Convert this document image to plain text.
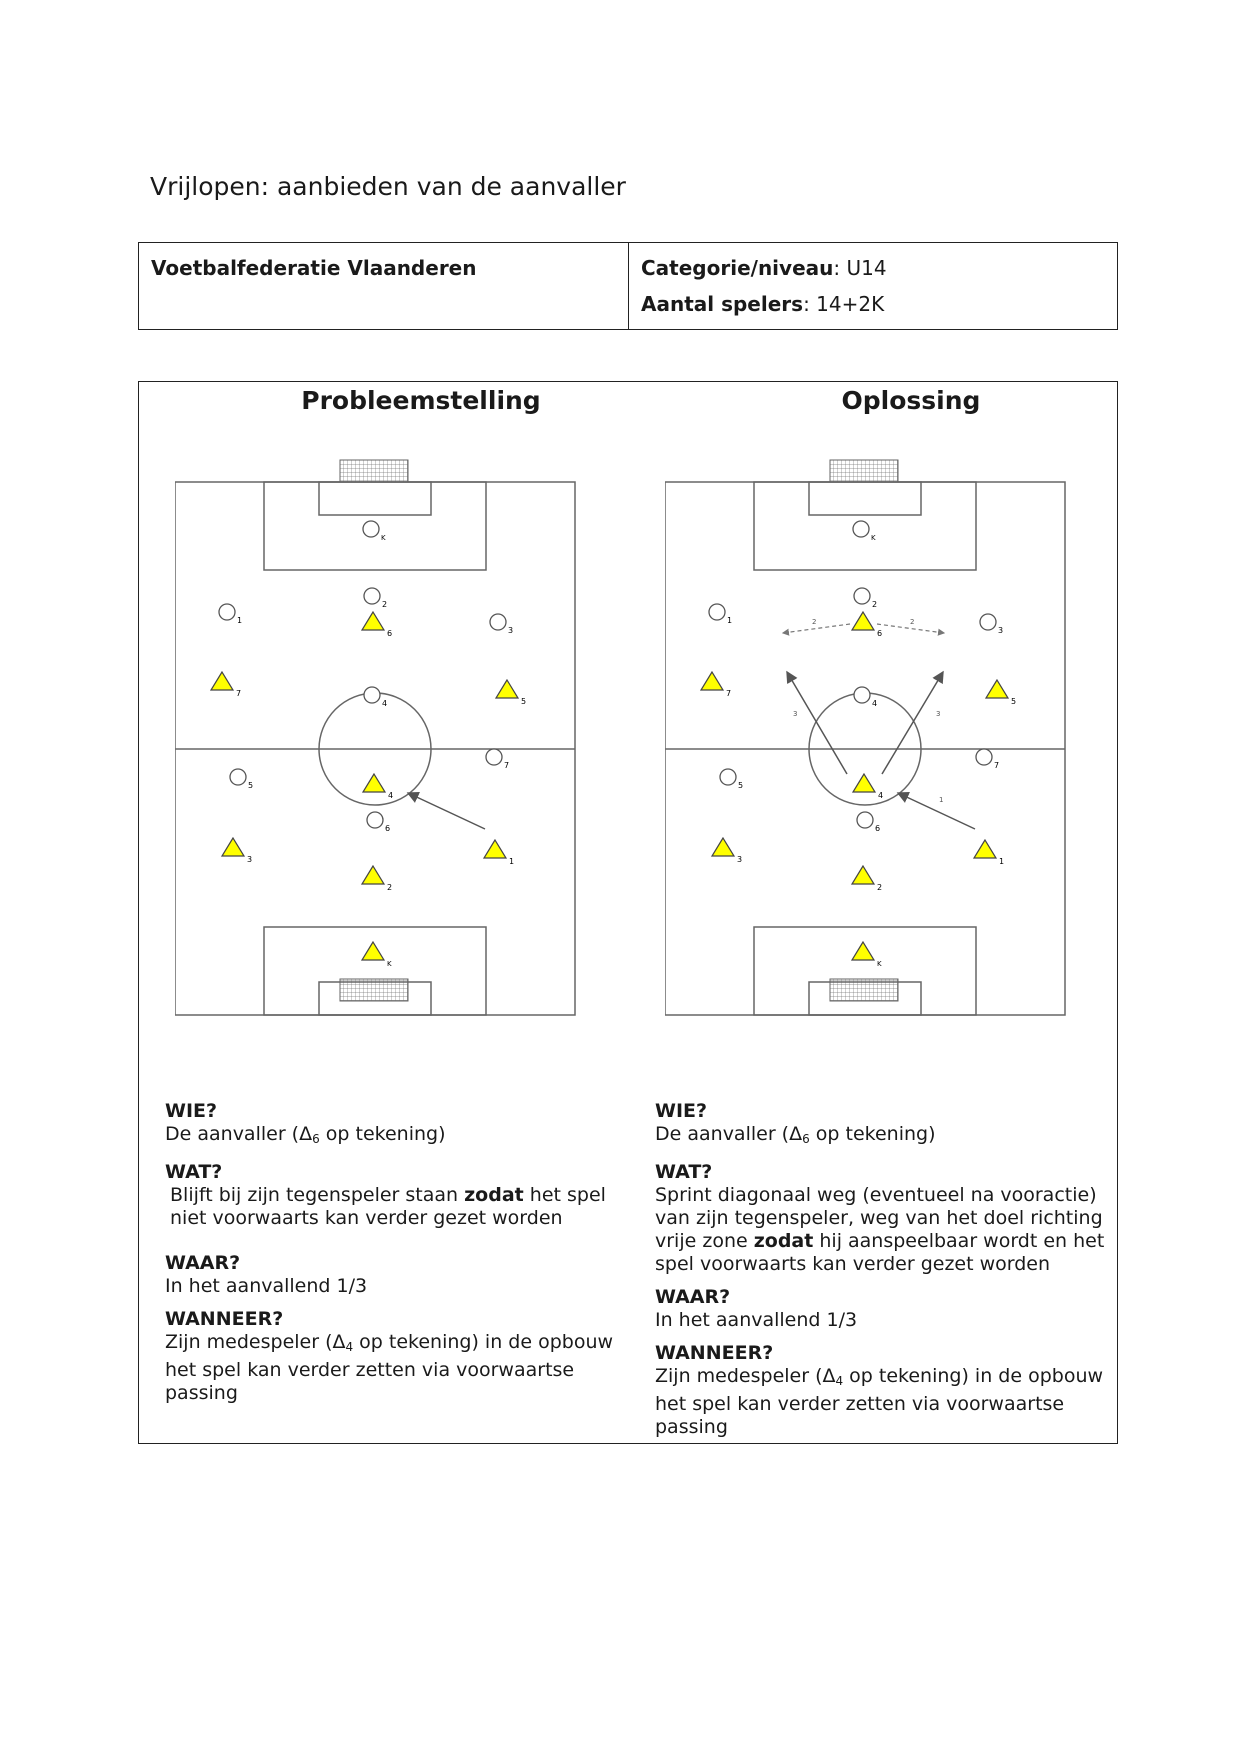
Vrijlopen: aanbieden van de aanvaller
Voetbalfederatie Vlaanderen	Categorie/niveau: U14
Aantal spelers: 14+2K
Probleemstelling	Oplossing
K
1
2
3
4
5
6
7
6
7
5
4
3	1
2
K
K
1
2
3
4
5
6
7
6
7
5
4
3	1
2
K
1
2	2
3	3
WIE?
De aanvaller ($\Delta_6$ op tekening)
WAT?
Blijft bij zijn tegenspeler staan zodat het spel niet voorwaarts kan verder gezet worden
WAAR?
In het aanvallend 1/3
WANNEER?
Zijn medespeler ($\Delta_4$ op tekening) in de opbouw het spel kan verder zetten via voorwaartse passing
WIE?
De aanvaller ($\Delta_6$ op tekening)
WAT?
Sprint diagonaal weg (eventueel na vooractie) van zijn tegenspeler, weg van het doel richting vrije zone zodat hij aanspeelbaar wordt en het spel voorwaarts kan verder gezet worden
WAAR?
In het aanvallend 1/3
WANNEER?
Zijn medespeler ($\Delta_4$ op tekening) in de opbouw het spel kan verder zetten via voorwaartse passing
